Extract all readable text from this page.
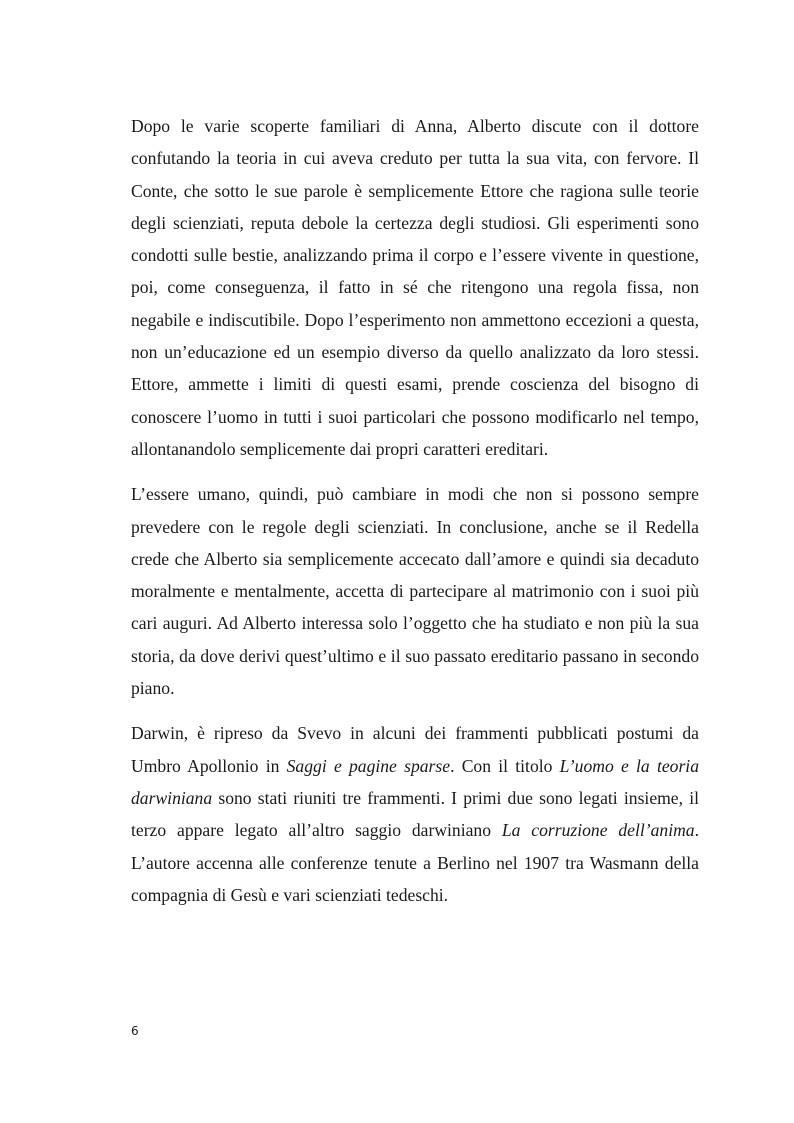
Dopo le varie scoperte familiari di Anna, Alberto discute con il dottore confutando la teoria in cui aveva creduto per tutta la sua vita, con fervore. Il Conte, che sotto le sue parole è semplicemente Ettore che ragiona sulle teorie degli scienziati, reputa debole la certezza degli studiosi. Gli esperimenti sono condotti sulle bestie, analizzando prima il corpo e l’essere vivente in questione, poi, come conseguenza, il fatto in sé che ritengono una regola fissa, non negabile e indiscutibile. Dopo l’esperimento non ammettono eccezioni a questa, non un’educazione ed un esempio diverso da quello analizzato da loro stessi. Ettore, ammette i limiti di questi esami, prende coscienza del bisogno di conoscere l’uomo in tutti i suoi particolari che possono modificarlo nel tempo, allontanandolo semplicemente dai propri caratteri ereditari.

L’essere umano, quindi, può cambiare in modi che non si possono sempre prevedere con le regole degli scienziati. In conclusione, anche se il Redella crede che Alberto sia semplicemente accecato dall’amore e quindi sia decaduto moralmente e mentalmente, accetta di partecipare al matrimonio con i suoi più cari auguri. Ad Alberto interessa solo l’oggetto che ha studiato e non più la sua storia, da dove derivi quest’ultimo e il suo passato ereditario passano in secondo piano.

Darwin, è ripreso da Svevo in alcuni dei frammenti pubblicati postumi da Umbro Apollonio in Saggi e pagine sparse. Con il titolo L’uomo e la teoria darwiniana sono stati riuniti tre frammenti. I primi due sono legati insieme, il terzo appare legato all’altro saggio darwiniano La corruzione dell’anima. L’autore accenna alle conferenze tenute a Berlino nel 1907 tra Wasmann della compagnia di Gesù e vari scienziati tedeschi.

6
